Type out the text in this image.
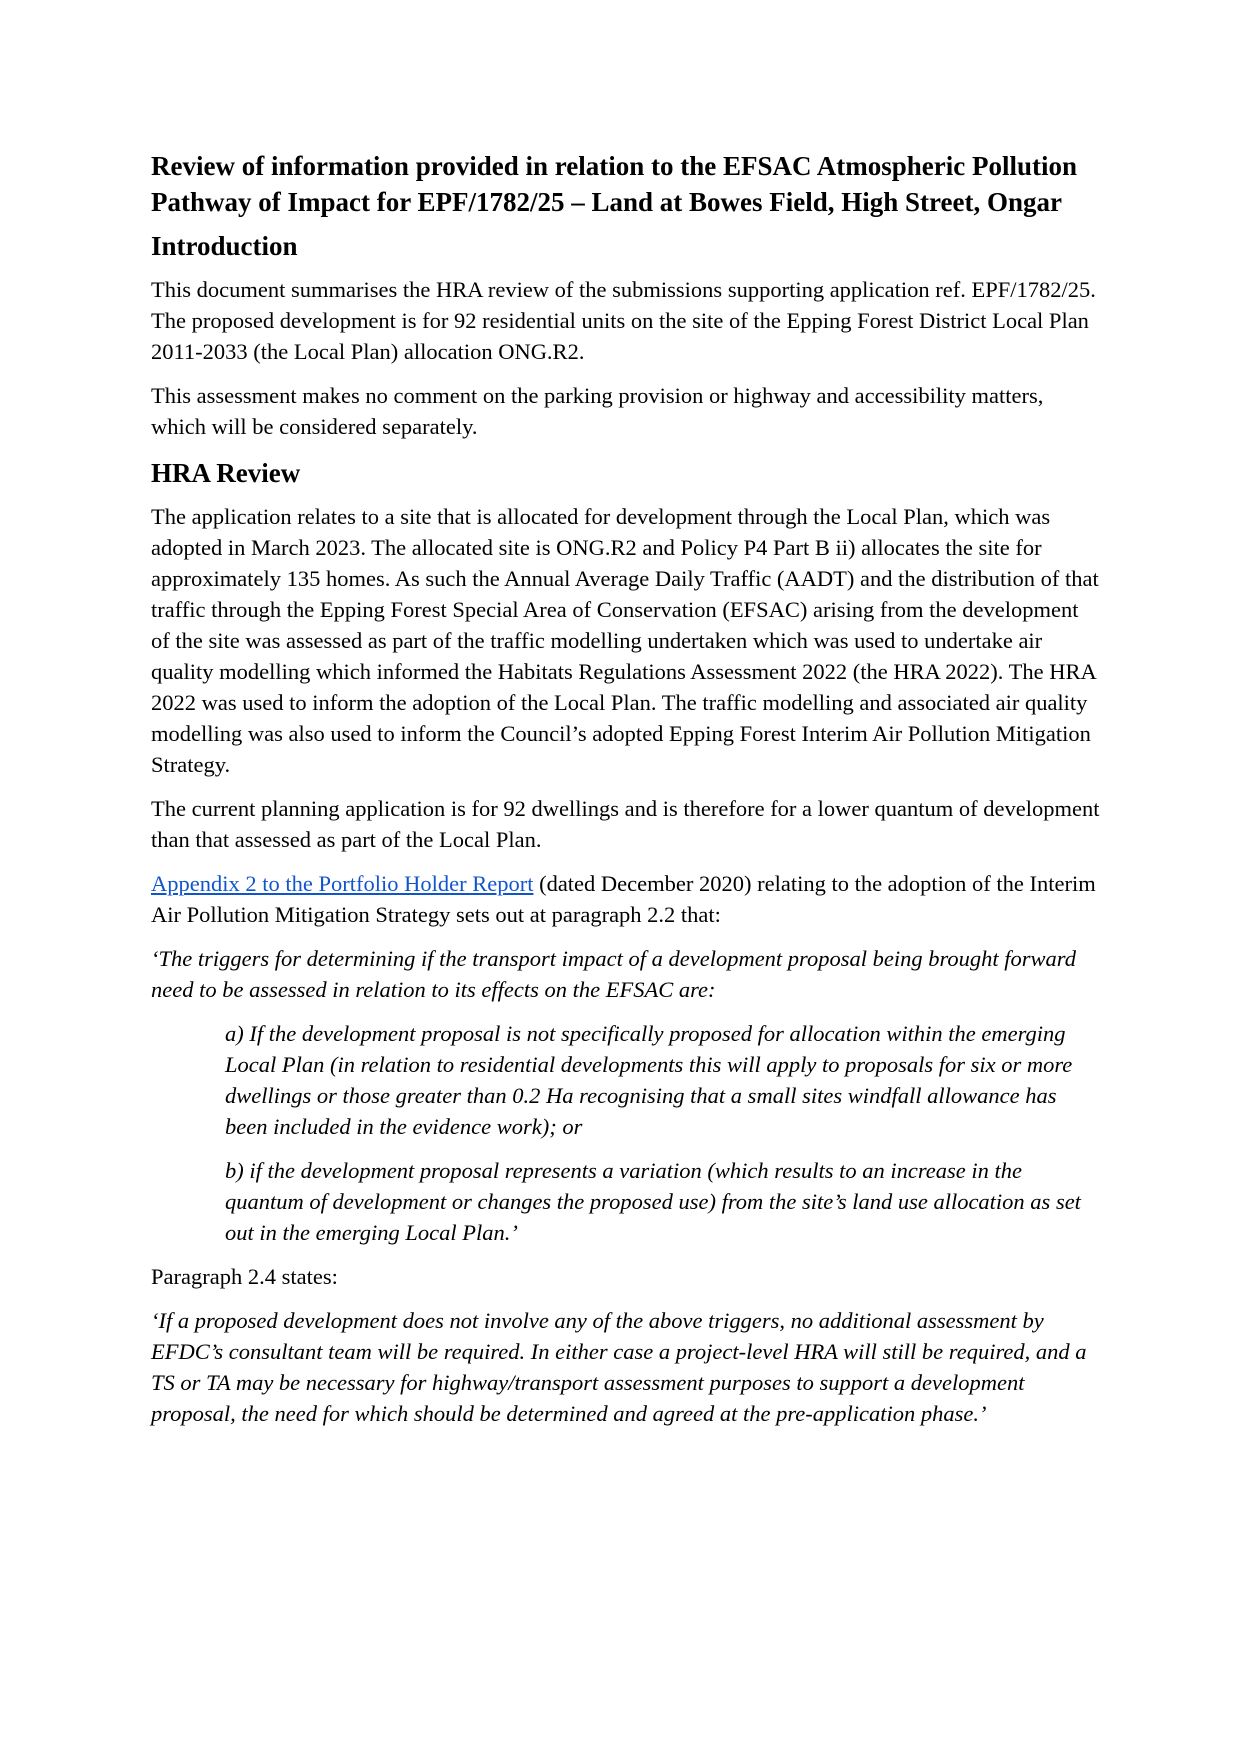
Review of information provided in relation to the EFSAC Atmospheric Pollution Pathway of Impact for EPF/1782/25 – Land at Bowes Field, High Street, Ongar
Introduction

This document summarises the HRA review of the submissions supporting application ref. EPF/1782/25. The proposed development is for 92 residential units on the site of the Epping Forest District Local Plan 2011-2033 (the Local Plan) allocation ONG.R2.

This assessment makes no comment on the parking provision or highway and accessibility matters, which will be considered separately.

HRA Review

The application relates to a site that is allocated for development through the Local Plan, which was adopted in March 2023. The allocated site is ONG.R2 and Policy P4 Part B ii) allocates the site for approximately 135 homes. As such the Annual Average Daily Traffic (AADT) and the distribution of that traffic through the Epping Forest Special Area of Conservation (EFSAC) arising from the development of the site was assessed as part of the traffic modelling undertaken which was used to undertake air quality modelling which informed the Habitats Regulations Assessment 2022 (the HRA 2022). The HRA 2022 was used to inform the adoption of the Local Plan. The traffic modelling and associated air quality modelling was also used to inform the Council’s adopted Epping Forest Interim Air Pollution Mitigation Strategy.

The current planning application is for 92 dwellings and is therefore for a lower quantum of development than that assessed as part of the Local Plan.

Appendix 2 to the Portfolio Holder Report (dated December 2020) relating to the adoption of the Interim Air Pollution Mitigation Strategy sets out at paragraph 2.2 that:

‘The triggers for determining if the transport impact of a development proposal being brought forward need to be assessed in relation to its effects on the EFSAC are:

a) If the development proposal is not specifically proposed for allocation within the emerging Local Plan (in relation to residential developments this will apply to proposals for six or more dwellings or those greater than 0.2 Ha recognising that a small sites windfall allowance has been included in the evidence work); or

b) if the development proposal represents a variation (which results to an increase in the quantum of development or changes the proposed use) from the site’s land use allocation as set out in the emerging Local Plan.’

Paragraph 2.4 states:

‘If a proposed development does not involve any of the above triggers, no additional assessment by EFDC’s consultant team will be required. In either case a project-level HRA will still be required, and a TS or TA may be necessary for highway/transport assessment purposes to support a development proposal, the need for which should be determined and agreed at the pre-application phase.’
